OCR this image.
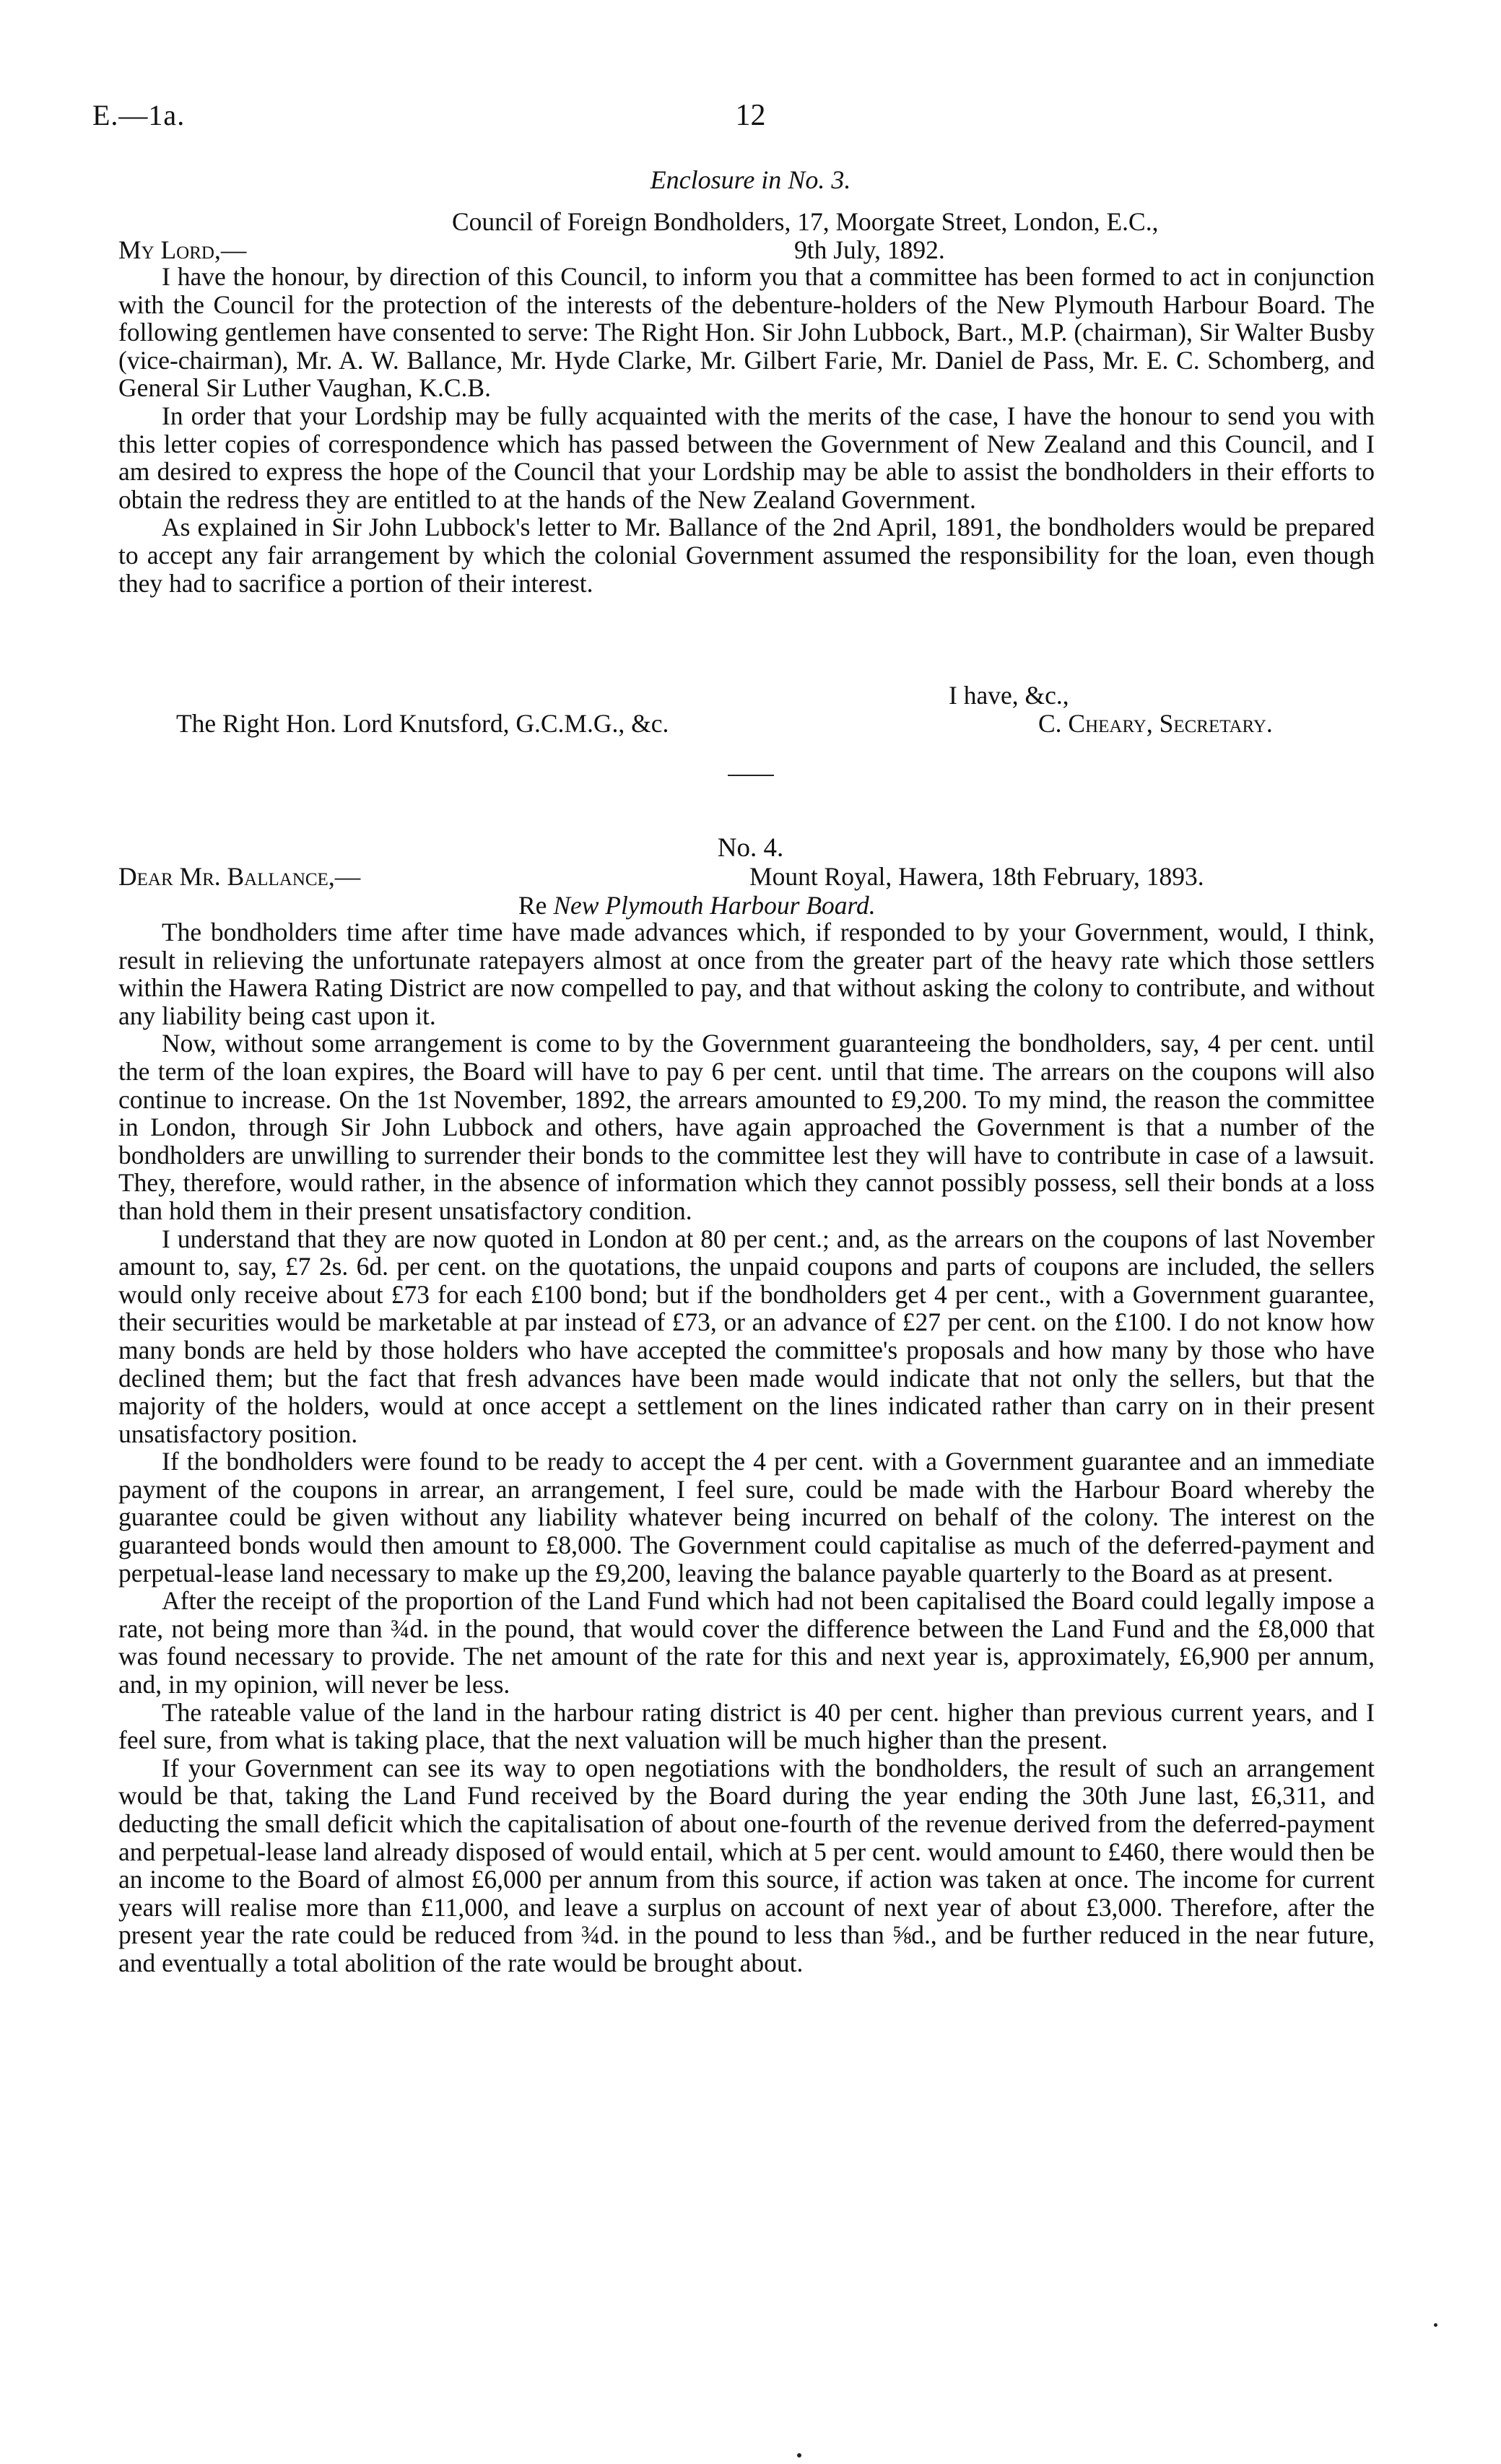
E.—1a.	12
Enclosure in No. 3.
Council of Foreign Bondholders, 17, Moorgate Street, London, E.C.,
My Lord,—	9th July, 1892.

I have the honour, by direction of this Council, to inform you that a committee has been formed to act in conjunction with the Council for the protection of the interests of the debenture-holders of the New Plymouth Harbour Board. The following gentlemen have consented to serve: The Right Hon. Sir John Lubbock, Bart., M.P. (chairman), Sir Walter Busby (vice-chairman), Mr. A. W. Ballance, Mr. Hyde Clarke, Mr. Gilbert Farie, Mr. Daniel de Pass, Mr. E. C. Schomberg, and General Sir Luther Vaughan, K.C.B.

In order that your Lordship may be fully acquainted with the merits of the case, I have the honour to send you with this letter copies of correspondence which has passed between the Government of New Zealand and this Council, and I am desired to express the hope of the Council that your Lordship may be able to assist the bondholders in their efforts to obtain the redress they are entitled to at the hands of the New Zealand Government.

As explained in Sir John Lubbock's letter to Mr. Ballance of the 2nd April, 1891, the bondholders would be prepared to accept any fair arrangement by which the colonial Government assumed the responsibility for the loan, even though they had to sacrifice a portion of their interest.

I have, &c.,
The Right Hon. Lord Knutsford, G.C.M.G., &c.	C. Cheary, Secretary.
No. 4.
Dear Mr. Ballance,—	Mount Royal, Hawera, 18th February, 1893.
Re New Plymouth Harbour Board.

The bondholders time after time have made advances which, if responded to by your Government, would, I think, result in relieving the unfortunate ratepayers almost at once from the greater part of the heavy rate which those settlers within the Hawera Rating District are now compelled to pay, and that without asking the colony to contribute, and without any liability being cast upon it.

Now, without some arrangement is come to by the Government guaranteeing the bondholders, say, 4 per cent. until the term of the loan expires, the Board will have to pay 6 per cent. until that time. The arrears on the coupons will also continue to increase. On the 1st November, 1892, the arrears amounted to £9,200. To my mind, the reason the committee in London, through Sir John Lubbock and others, have again approached the Government is that a number of the bondholders are unwilling to surrender their bonds to the committee lest they will have to contribute in case of a lawsuit. They, therefore, would rather, in the absence of information which they cannot possibly possess, sell their bonds at a loss than hold them in their present unsatisfactory condition.

I understand that they are now quoted in London at 80 per cent.; and, as the arrears on the coupons of last November amount to, say, £7 2s. 6d. per cent. on the quotations, the unpaid coupons and parts of coupons are included, the sellers would only receive about £73 for each £100 bond; but if the bondholders get 4 per cent., with a Government guarantee, their securities would be marketable at par instead of £73, or an advance of £27 per cent. on the £100. I do not know how many bonds are held by those holders who have accepted the committee's proposals and how many by those who have declined them; but the fact that fresh advances have been made would indicate that not only the sellers, but that the majority of the holders, would at once accept a settlement on the lines indicated rather than carry on in their present unsatisfactory position.

If the bondholders were found to be ready to accept the 4 per cent. with a Government guarantee and an immediate payment of the coupons in arrear, an arrangement, I feel sure, could be made with the Harbour Board whereby the guarantee could be given without any liability whatever being incurred on behalf of the colony. The interest on the guaranteed bonds would then amount to £8,000. The Government could capitalise as much of the deferred-payment and perpetual-lease land necessary to make up the £9,200, leaving the balance payable quarterly to the Board as at present.

After the receipt of the proportion of the Land Fund which had not been capitalised the Board could legally impose a rate, not being more than ¾d. in the pound, that would cover the difference between the Land Fund and the £8,000 that was found necessary to provide. The net amount of the rate for this and next year is, approximately, £6,900 per annum, and, in my opinion, will never be less.

The rateable value of the land in the harbour rating district is 40 per cent. higher than previous current years, and I feel sure, from what is taking place, that the next valuation will be much higher than the present.

If your Government can see its way to open negotiations with the bondholders, the result of such an arrangement would be that, taking the Land Fund received by the Board during the year ending the 30th June last, £6,311, and deducting the small deficit which the capitalisation of about one-fourth of the revenue derived from the deferred-payment and perpetual-lease land already disposed of would entail, which at 5 per cent. would amount to £460, there would then be an income to the Board of almost £6,000 per annum from this source, if action was taken at once. The income for current years will realise more than £11,000, and leave a surplus on account of next year of about £3,000. Therefore, after the present year the rate could be reduced from ¾d. in the pound to less than ⅝d., and be further reduced in the near future, and eventually a total abolition of the rate would be brought about.
